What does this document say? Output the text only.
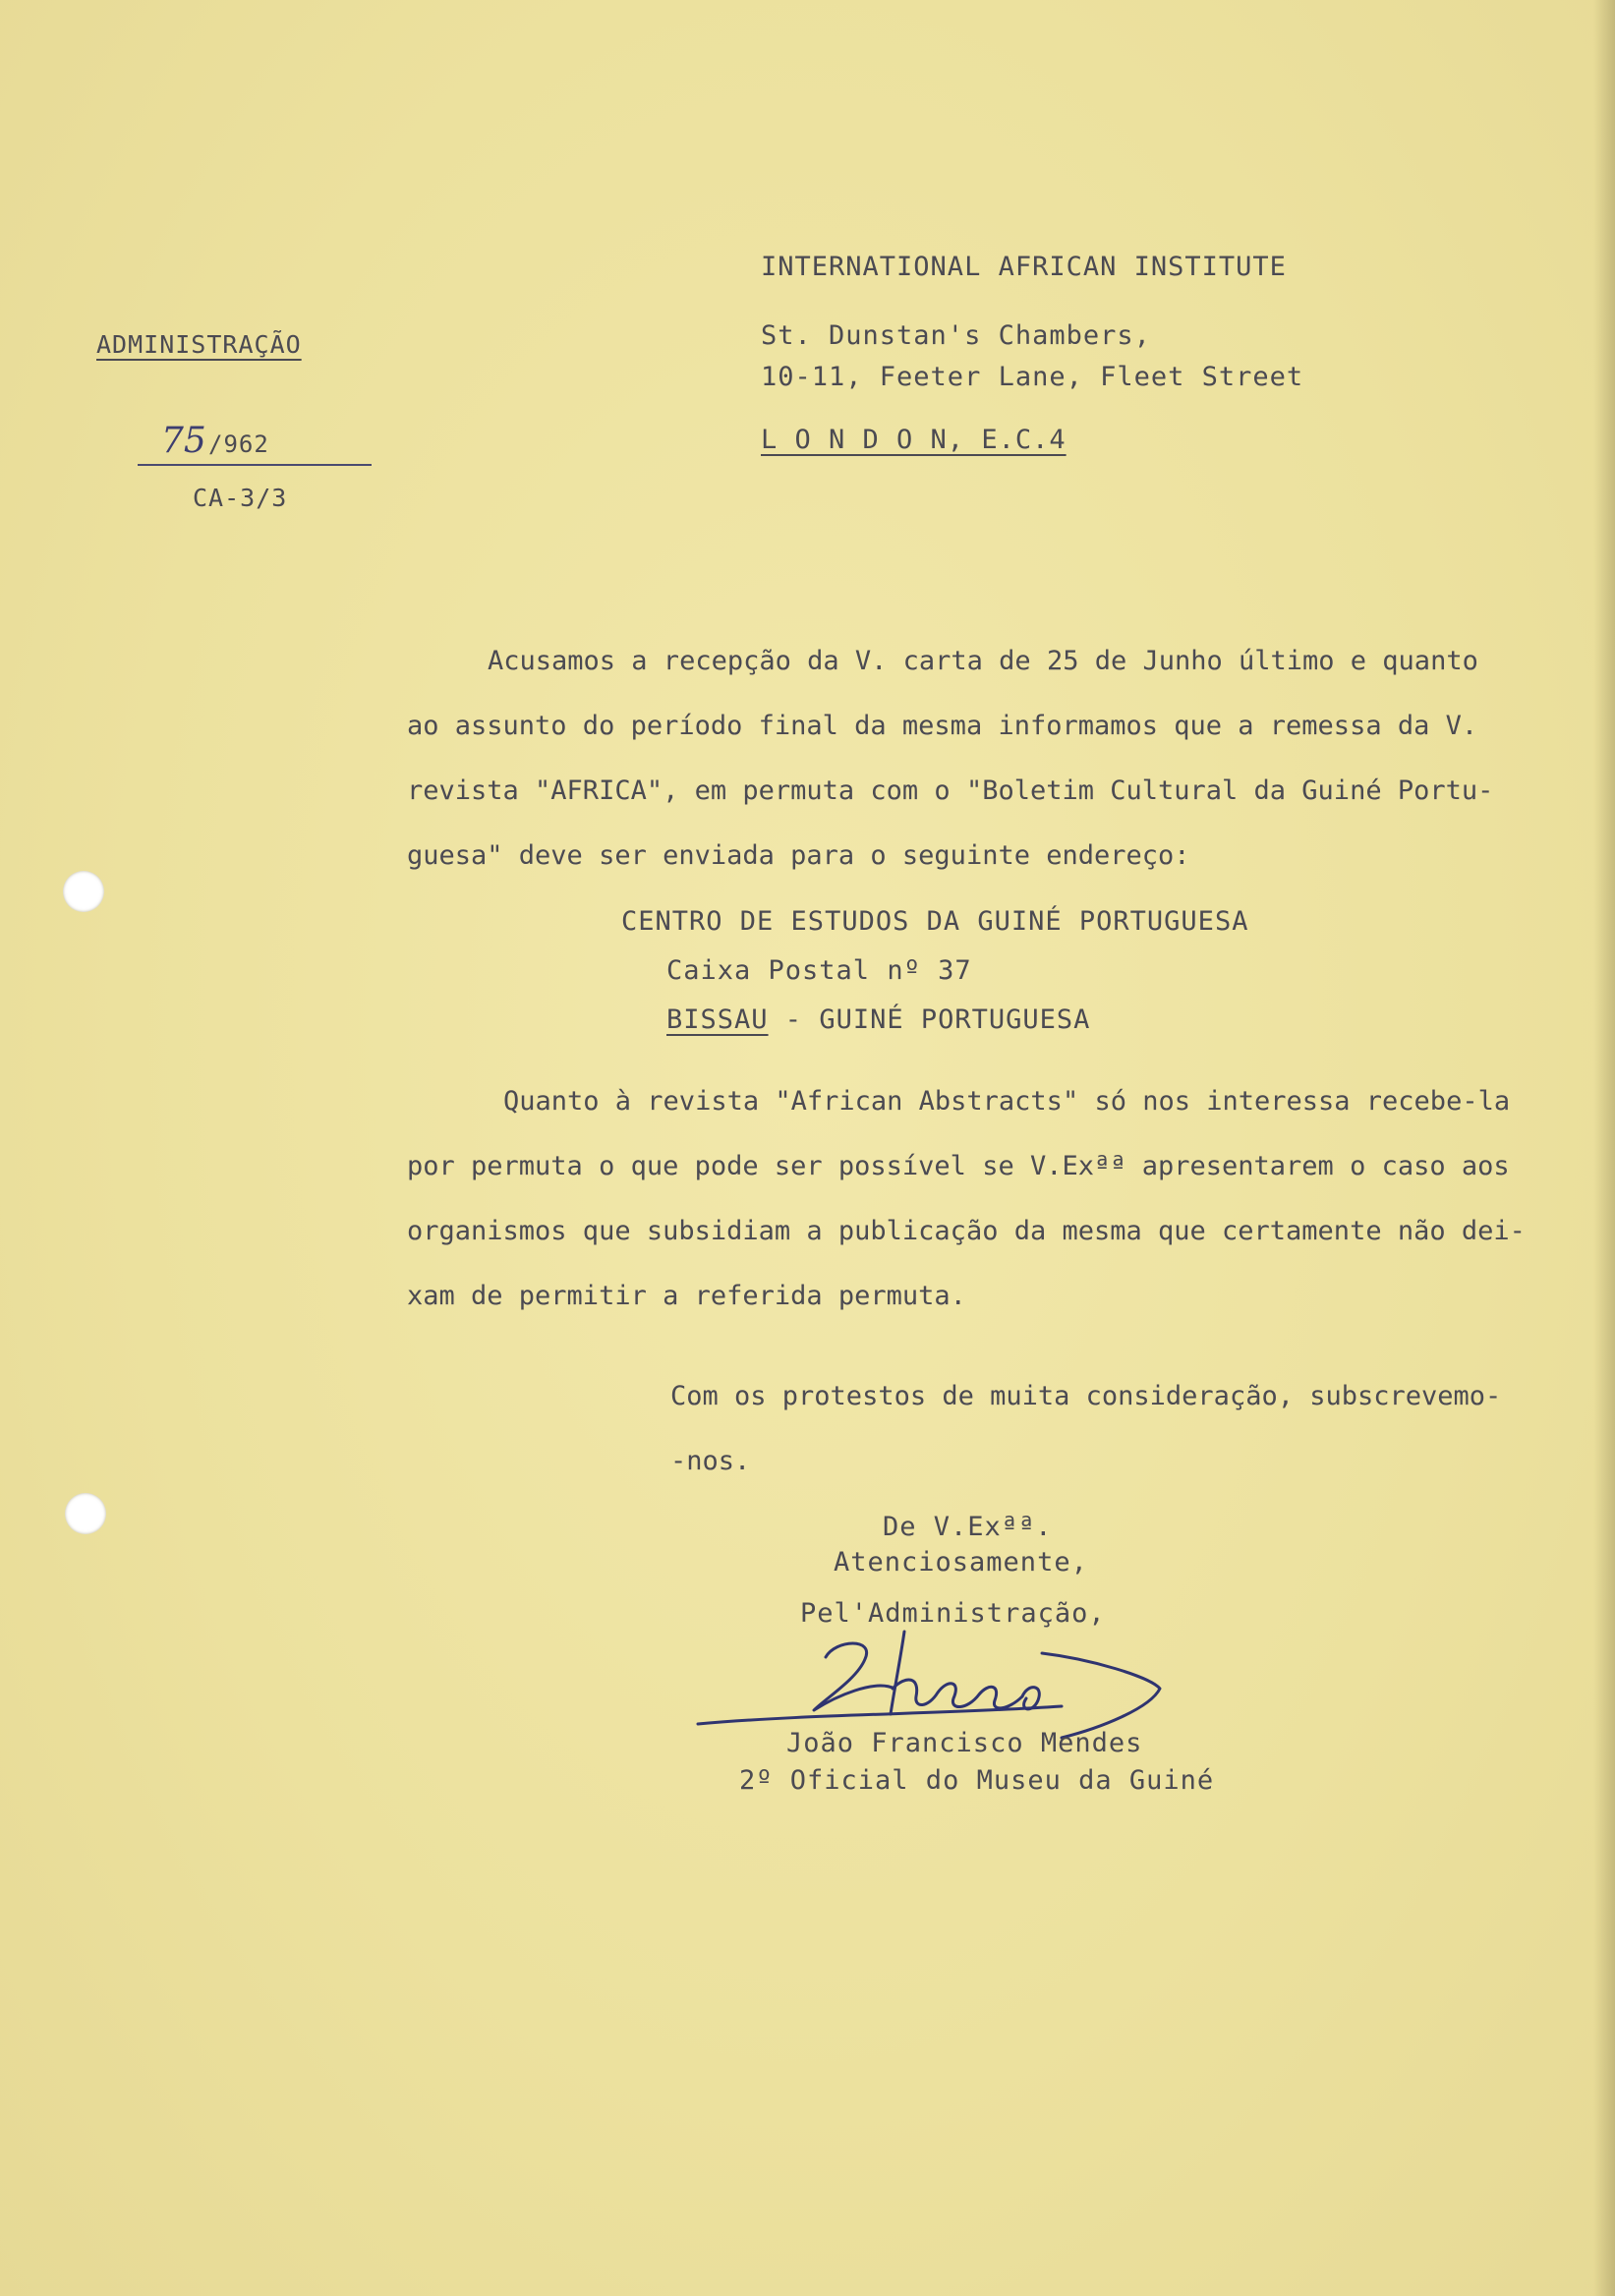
INTERNATIONAL AFRICAN INSTITUTE
St. Dunstan's Chambers,
10-11, Feeter Lane, Fleet Street
L O N D O N, E.C.4
ADMINISTRAÇÃO
75 /962
CA-3/3
Acusamos a recepção da V. carta de 25 de Junho último e quanto
ao assunto do período final da mesma informamos que a remessa da V.
revista "AFRICA", em permuta com o "Boletim Cultural da Guiné Portu-
guesa" deve ser enviada para o seguinte endereço:
CENTRO DE ESTUDOS DA GUINÉ PORTUGUESA
Caixa Postal nº 37
BISSAU - GUINÉ PORTUGUESA
Quanto à revista "African Abstracts" só nos interessa recebe-la
por permuta o que pode ser possível se V.Exªª apresentarem o caso aos
organismos que subsidiam a publicação da mesma que certamente não dei-
xam de permitir a referida permuta.
Com os protestos de muita consideração, subscrevemo-
-nos.
De V.Exªª.
Atenciosamente,
Pel'Administração,
João Francisco Mendes
2º Oficial do Museu da Guiné
